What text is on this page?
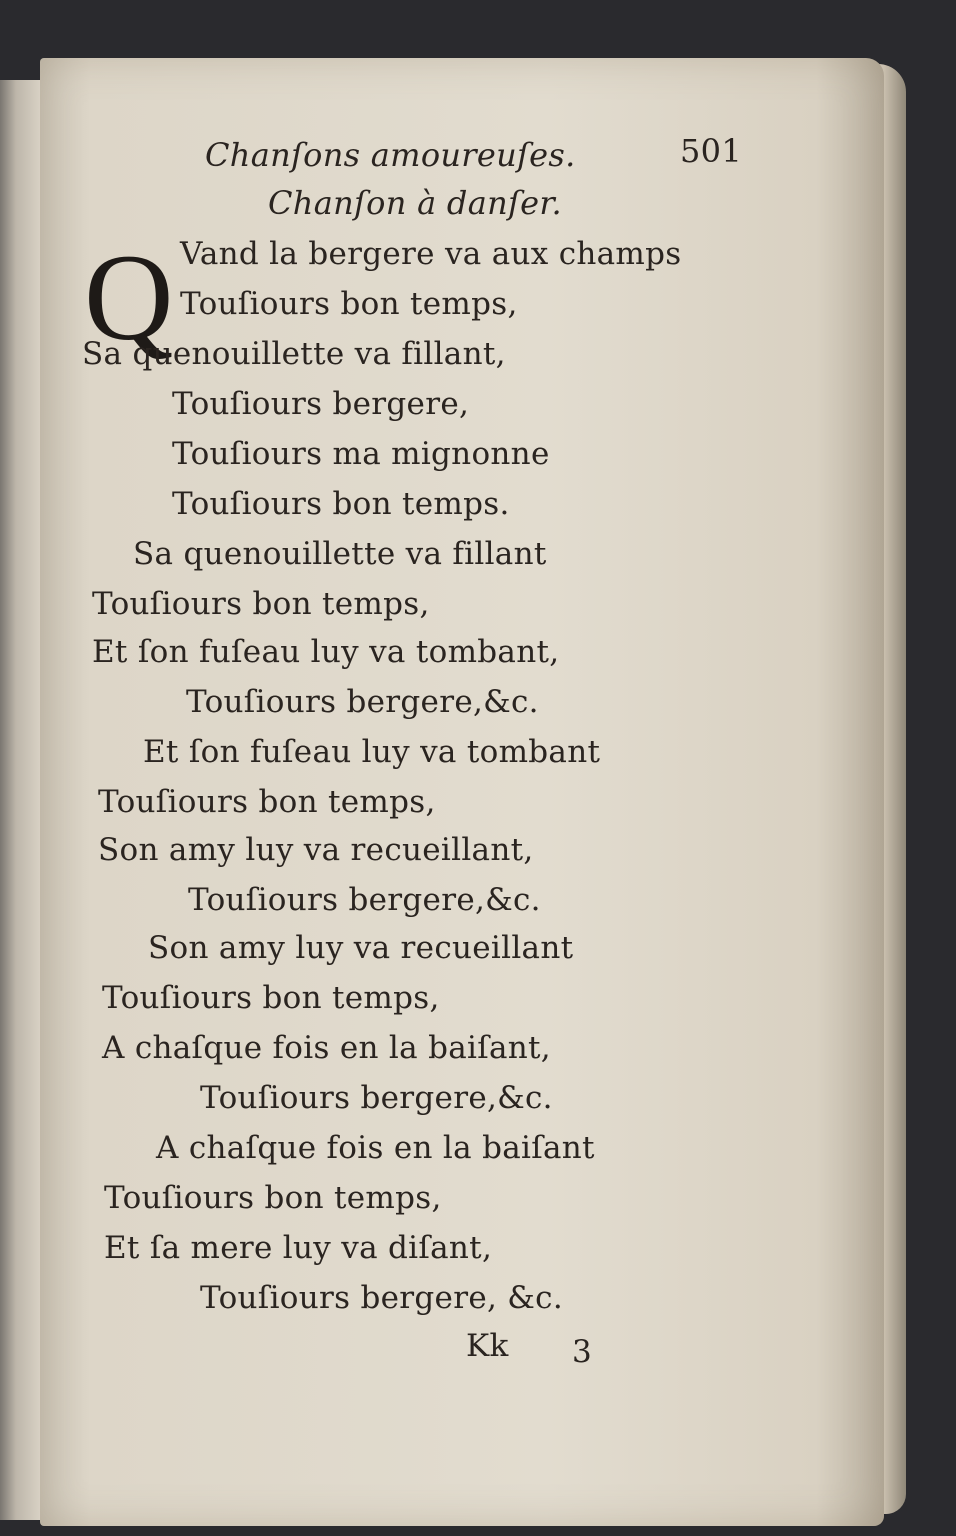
Chanſons amoureuſes.	501
Chanſon à danſer.
Q Vand la bergere va aux champs
Touſiours bon temps,
Sa quenouillette va fillant,
Touſiours bergere,
Touſiours ma mignonne
Touſiours bon temps.
Sa quenouillette va fillant
Touſiours bon temps,
Et ſon fuſeau luy va tombant,
Touſiours bergere,&c.
Et ſon fuſeau luy va tombant
Touſiours bon temps,
Son amy luy va recueillant,
Touſiours bergere,&c.
Son amy luy va recueillant
Touſiours bon temps,
A chaſque fois en la baiſant,
Touſiours bergere,&c.
A chaſque fois en la baiſant
Touſiours bon temps,
Et ſa mere luy va diſant,
Touſiours bergere, &c.
Kk 3
